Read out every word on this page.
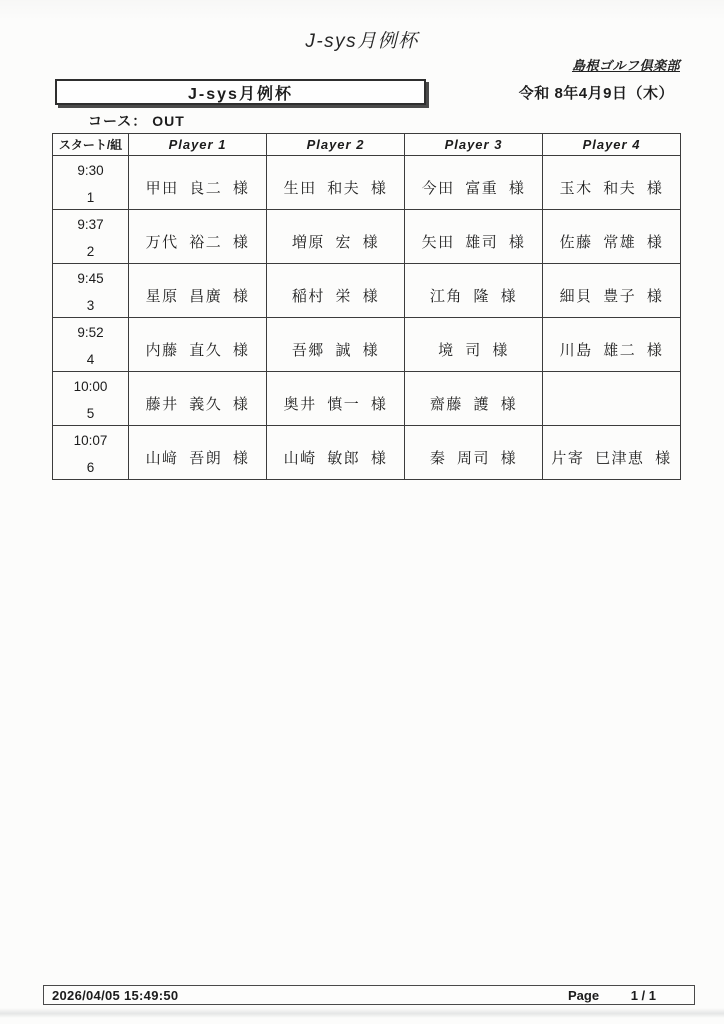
J-sys月例杯
島根ゴルフ倶楽部
令和 8年4月9日（木）
J-sys月例杯
コース： OUT
スタート/組	Player 1	Player 2	Player 3	Player 4

9:30
1	甲田 良二 様	生田 和夫 様	今田 富重 様	玉木 和夫 様

9:37
2	万代 裕二 様	増原 宏 様	矢田 雄司 様	佐藤 常雄 様

9:45
3	星原 昌廣 様	稲村 栄 様	江角 隆 様	細貝 豊子 様

9:52
4	内藤 直久 様	吾郷 誠 様	境 司 様	川島 雄二 様

10:00
5	藤井 義久 様	奥井 慎一 様	齋藤 護 様	

10:07
6	山﨑 吾朗 様	山崎 敏郎 様	秦 周司 様	片寄 巳津恵 様
2026/04/05 15:49:50	Page 1 / 1
